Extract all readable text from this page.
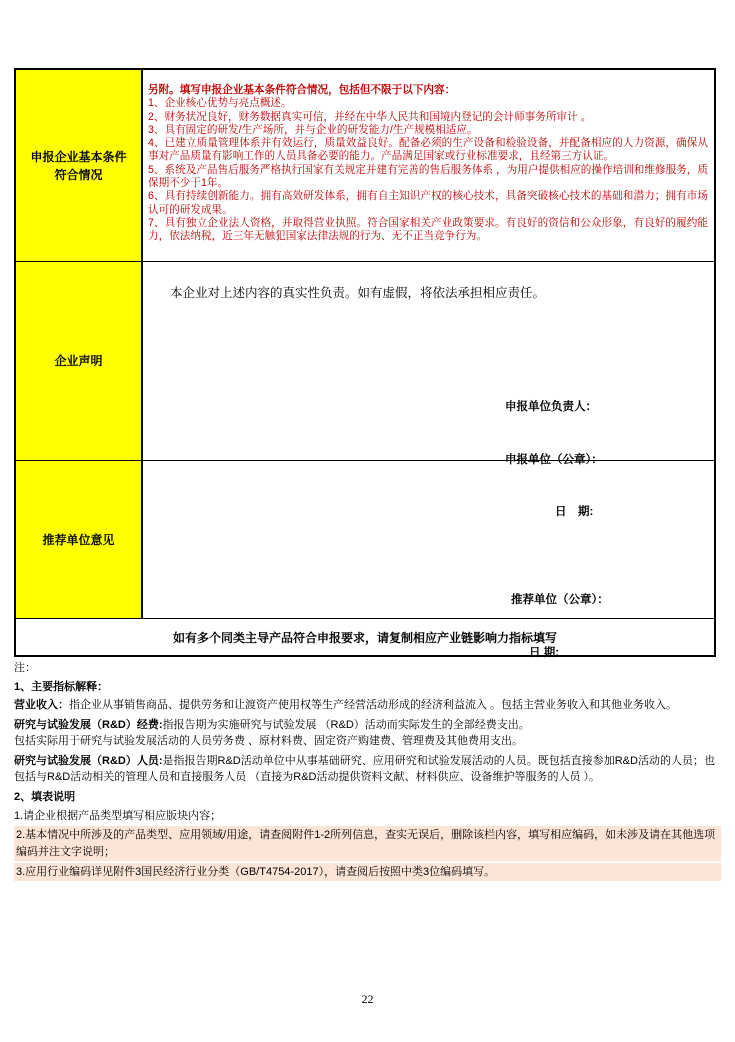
申报企业基本条件符合情况
另附。填写申报企业基本条件符合情况，包括但不限于以下内容：
1、企业核心优势与亮点概述。
2、财务状况良好，财务数据真实可信，并经在中华人民共和国境内登记的会计师事务所审计 。
3、具有固定的研发/生产场所，并与企业的研发能力/生产规模相适应。
4、已建立质量管理体系并有效运行，质量效益良好。配备必须的生产设备和检验设备，并配备相应的人力资源，确保从事对产品质量有影响工作的人员具备必要的能力。产品满足国家或行业标准要求，且经第三方认证。
5、系统及产品售后服务严格执行国家有关规定并建有完善的售后服务体系 ，为用户提供相应的操作培训和维修服务，质保期不少于1年。
6、具有持续创新能力。拥有高效研发体系，拥有自主知识产权的核心技术，具备突破核心技术的基础和潜力；拥有市场认可的研发成果。
7、具有独立企业法人资格，并取得营业执照。符合国家相关产业政策要求。有良好的资信和公众形象，有良好的履约能力，依法纳税，近三年无触犯国家法律法规的行为、无不正当竞争行为。
企业声明
本企业对上述内容的真实性负责。如有虚假，将依法承担相应责任。

申报单位负责人：

申报单位（公章）：

日　期:

推荐单位意见

推荐单位（公章）：

日 期:

如有多个同类主导产品符合申报要求，请复制相应产业链影响力指标填写

注：

1、主要指标解释：

营业收入：指企业从事销售商品、提供劳务和让渡资产使用权等生产经营活动形成的经济利益流入 。包括主营业务收入和其他业务收入。

研究与试验发展（R&D）经费:指报告期为实施研究与试验发展 （R&D）活动而实际发生的全部经费支出。
包括实际用于研究与试验发展活动的人员劳务费 、原材料费、固定资产购建费、管理费及其他费用支出。

研究与试验发展（R&D）人员:是指报告期R&D活动单位中从事基础研究、应用研究和试验发展活动的人员。既包括直接参加R&D活动的人员；也包括与R&D活动相关的管理人员和直接服务人员 （直接为R&D活动提供资料文献、材料供应、设备维护等服务的人员 ）。

2、填表说明

1.请企业根据产品类型填写相应版块内容；

2.基本情况中所涉及的产品类型、应用领域/用途，请查阅附件1-2所列信息，查实无误后，删除该栏内容，填写相应编码，如未涉及请在其他选项编码并注文字说明；

3.应用行业编码详见附件3国民经济行业分类（GB/T4754-2017），请查阅后按照中类3位编码填写。

22
